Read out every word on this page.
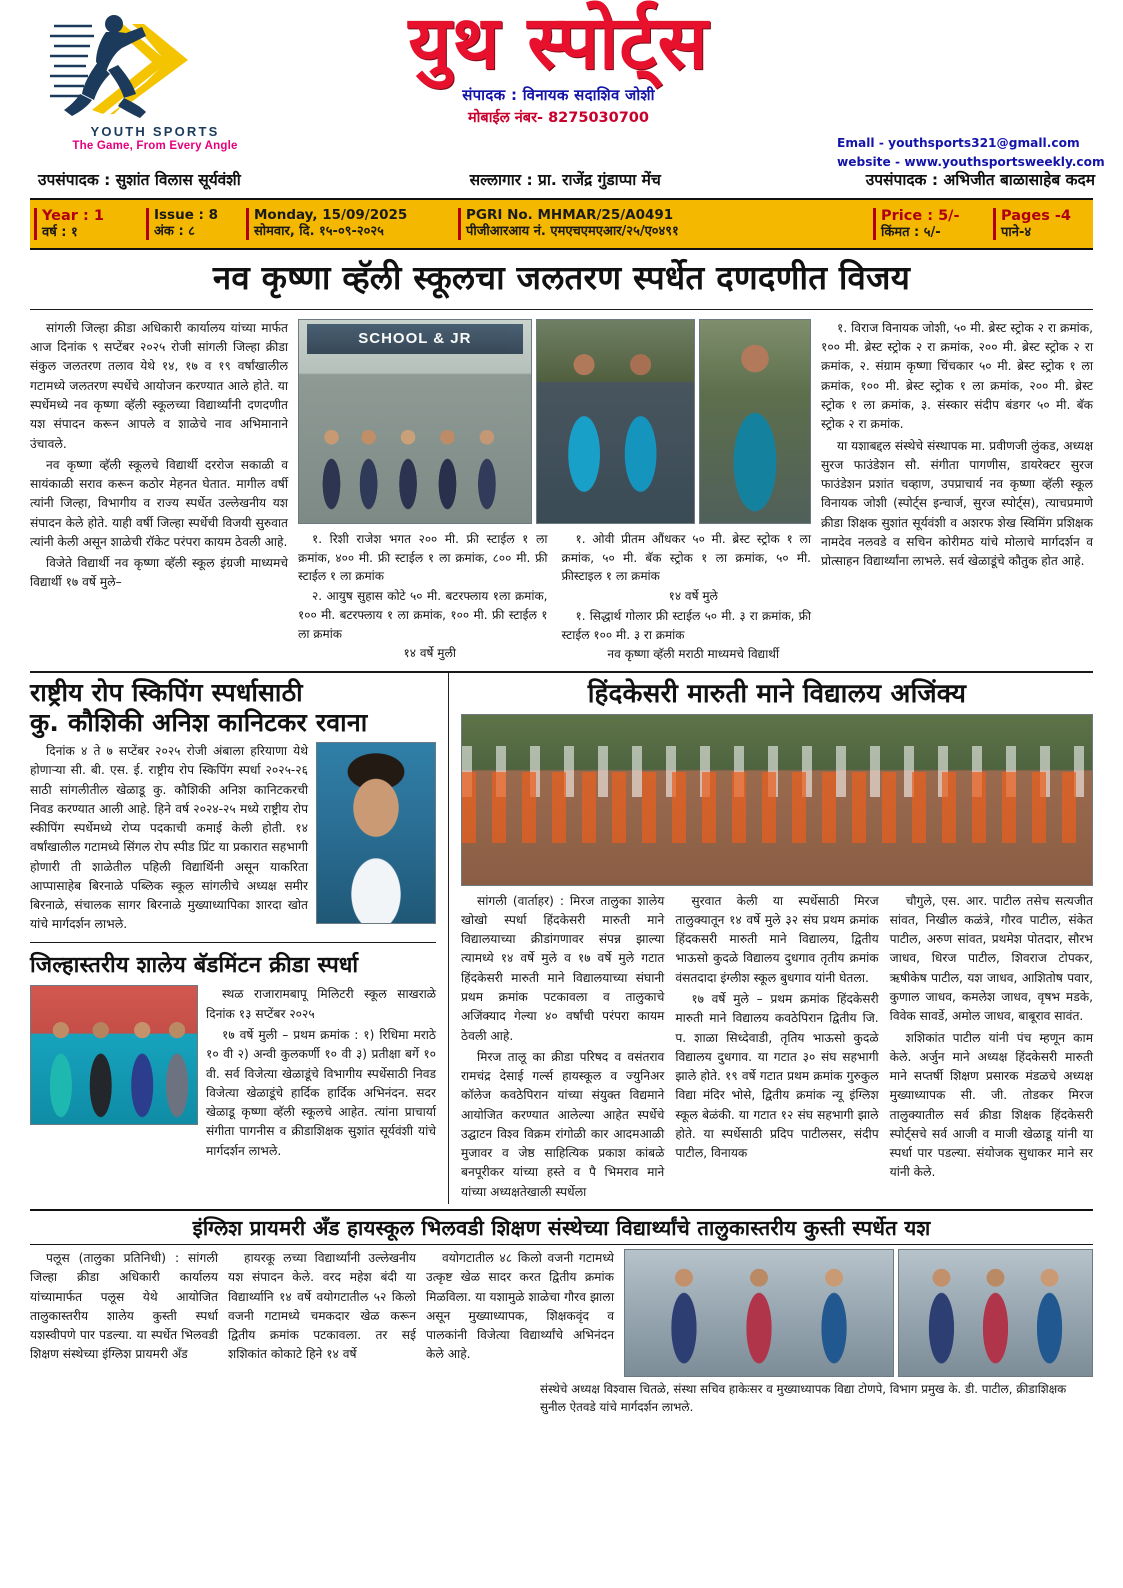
YOUTH SPORTS
The Game, From Every Angle
युथ स्पोर्ट्स
संपादक : विनायक सदाशिव जोशी
मोबाईल नंबर- 8275030700
Emall - youthsports321@gmall.com
website - www.youthsportsweekly.com
उपसंपादक : सुशांत विलास सूर्यवंशी	सल्लागार : प्रा. राजेंद्र गुंडाप्पा मेंच	उपसंपादक : अभिजीत बाळासाहेब कदम
Year : 1
वर्ष : १
Issue : 8
अंक : ८
Monday, 15/09/2025
सोमवार, दि. १५-०९-२०२५
PGRI No. MHMAR/25/A0491
पीजीआरआय नं. एमएचएमएआर/२५/ए०४९१
Price : 5/-
किंमत : ५/-
Pages -4
पाने-४
नव कृष्णा व्हॅली स्कूलचा जलतरण स्पर्धेत दणदणीत विजय

सांगली जिल्हा क्रीडा अधिकारी कार्यालय यांच्या मार्फत आज दिनांक ९ सप्टेंबर २०२५ रोजी सांगली जिल्हा क्रीडा संकुल जलतरण तलाव येथे १४, १७ व १९ वर्षांखालील गटामध्ये जलतरण स्पर्धेचे आयोजन करण्यात आले होते. या स्पर्धेमध्ये नव कृष्णा व्हॅली स्कूलच्या विद्यार्थ्यांनी दणदणीत यश संपादन करून आपले व शाळेचे नाव अभिमानाने उंचावले.

नव कृष्णा व्हॅली स्कूलचे विद्यार्थी दररोज सकाळी व सायंकाळी सराव करून कठोर मेहनत घेतात. मागील वर्षी त्यांनी जिल्हा, विभागीय व राज्य स्पर्धेत उल्लेखनीय यश संपादन केले होते. याही वर्षी जिल्हा स्पर्धेची विजयी सुरुवात त्यांनी केली असून शाळेची रॉकेट परंपरा कायम ठेवली आहे.

विजेते विद्यार्थी नव कृष्णा व्हॅली स्कूल इंग्रजी माध्यमचे विद्यार्थी १७ वर्षे मुले–

SCHOOL & JR

१. रिशी राजेश भगत २०० मी. फ्री स्टाईल १ ला क्रमांक, ४०० मी. फ्री स्टाईल १ ला क्रमांक, ८०० मी. फ्री स्टाईल १ ला क्रमांक

२. आयुष सुहास कोटे ५० मी. बटरफ्लाय १ला क्रमांक, १०० मी. बटरफ्लाय १ ला क्रमांक, १०० मी. फ्री स्टाईल १ ला क्रमांक

१४ वर्षे मुली

१. ओवी प्रीतम औंधकर ५० मी. ब्रेस्ट स्ट्रोक १ ला क्रमांक, ५० मी. बॅक स्ट्रोक १ ला क्रमांक, ५० मी. फ्रीस्टाइल १ ला क्रमांक

१४ वर्षे मुले

१. सिद्धार्थ गोलार फ्री स्टाईल ५० मी. ३ रा क्रमांक, फ्री स्टाईल १०० मी. ३ रा क्रमांक

नव कृष्णा व्हॅली मराठी माध्यमचे विद्यार्थी

१. विराज विनायक जोशी, ५० मी. ब्रेस्ट स्ट्रोक २ रा क्रमांक, १०० मी. ब्रेस्ट स्ट्रोक २ रा क्रमांक, २०० मी. ब्रेस्ट स्ट्रोक २ रा क्रमांक, २. संग्राम कृष्णा चिंचकार ५० मी. ब्रेस्ट स्ट्रोक १ ला क्रमांक, १०० मी. ब्रेस्ट स्ट्रोक १ ला क्रमांक, २०० मी. ब्रेस्ट स्ट्रोक १ ला क्रमांक, ३. संस्कार संदीप बंडगर ५० मी. बॅक स्ट्रोक २ रा क्रमांक.

या यशाबद्दल संस्थेचे संस्थापक मा. प्रवीणजी लुंकड, अध्यक्ष सुरज फाउंडेशन सौ. संगीता पागणीस, डायरेक्टर सुरज फाउंडेशन प्रशांत चव्हाण, उपप्राचार्य नव कृष्णा व्हॅली स्कूल विनायक जोशी (स्पोर्ट्स इन्चार्ज, सुरज स्पोर्ट्स), त्याचप्रमाणे क्रीडा शिक्षक सुशांत सूर्यवंशी व अशरफ शेख स्विमिंग प्रशिक्षक नामदेव नलवडे व सचिन कोरीमठ यांचे मोलाचे मार्गदर्शन व प्रोत्साहन विद्यार्थ्यांना लाभले. सर्व खेळाडूंचे कौतुक होत आहे.

राष्ट्रीय रोप स्किपिंग स्पर्धासाठी
कु. कौशिकी अनिश कानिटकर रवाना

दिनांक ४ ते ७ सप्टेंबर २०२५ रोजी अंबाला हरियाणा येथे होणाऱ्या सी. बी. एस. ई. राष्ट्रीय रोप स्किपिंग स्पर्धा २०२५-२६ साठी सांगलीतील खेळाडू कु. कौशिकी अनिश कानिटकरची निवड करण्यात आली आहे. हिने वर्ष २०२४-२५ मध्ये राष्ट्रीय रोप स्कीपिंग स्पर्धेमध्ये रोप्य पदकाची कमाई केली होती. १४ वर्षांखालील गटामध्ये सिंगल रोप स्पीड प्रिंट या प्रकारात सहभागी होणारी ती शाळेतील पहिली विद्यार्थिनी असून याकरिता आप्पासाहेब बिरनाळे पब्लिक स्कूल सांगलीचे अध्यक्ष समीर बिरनाळे, संचालक सागर बिरनाळे मुख्याध्यापिका शारदा खोत यांचे मार्गदर्शन लाभले.

जिल्हास्तरीय शालेय बॅडमिंटन क्रीडा स्पर्धा

स्थळ राजारामबापू मिलिटरी स्कूल साखराळे दिनांक १३ सप्टेंबर २०२५

१७ वर्षे मुली – प्रथम क्रमांक : १) रिधिमा मराठे १० वी २) अन्वी कुलकर्णी १० वी ३) प्रतीक्षा बर्गे १० वी. सर्व विजेत्या खेळाडूंचे विभागीय स्पर्धेसाठी निवड विजेत्या खेळाडूंचे हार्दिक हार्दिक अभिनंदन. सदर खेळाडू कृष्णा व्हॅली स्कूलचे आहेत. त्यांना प्राचार्या संगीता पागनीस व क्रीडाशिक्षक सुशांत सूर्यवंशी यांचे मार्गदर्शन लाभले.

हिंदकेसरी मारुती माने विद्यालय अजिंक्य

सांगली (वार्ताहर) : मिरज तालुका शालेय खोखो स्पर्धा हिंदकेसरी मारुती माने विद्यालयाच्या क्रीडांगणावर संपन्न झाल्या त्यामध्ये १४ वर्षे मुले व १७ वर्षे मुले गटात हिंदकेसरी मारुती माने विद्यालयाच्या संघानी प्रथम क्रमांक पटकावला व तालुकाचे अजिंक्याद गेल्या ४० वर्षांची परंपरा कायम ठेवली आहे.

मिरज तालू का क्रीडा परिषद व वसंतराव रामचंद्र देसाई गर्ल्स हायस्कूल व ज्युनिअर कॉलेज कवठेपिरान यांच्या संयुक्त विद्यमाने आयोजित करण्यात आलेल्या आहेत स्पर्धेचे उद्घाटन विश्व विक्रम रांगोळी कार आदमआळी मुजावर व जेष्ठ साहित्यिक प्रकाश कांबळे बनपूरीकर यांच्या हस्ते व पै भिमराव माने यांच्या अध्यक्षतेखाली स्पर्धेला

सुरवात केली या स्पर्धेसाठी मिरज तालुक्यातून १४ वर्षे मुले ३२ संघ प्रथम क्रमांक हिंदकसरी मारुती माने विद्यालय, द्वितीय भाऊसो कुदळे विद्यालय दुधगाव तृतीय क्रमांक वंसतदादा इंग्लीश स्कूल बुधगाव यांनी घेतला.

१७ वर्षे मुले – प्रथम क्रमांक हिंदकेसरी मारुती माने विद्यालय कवठेपिरान द्वितीय जि. प. शाळा सिध्देवाडी, तृतिय भाऊसो कुदळे विद्यालय दुधगाव. या गटात ३० संघ सहभागी झाले होते. १९ वर्षे गटात प्रथम क्रमांक गुरुकुल विद्या मंदिर भोसे, द्वितीय क्रमांक न्यू इंग्लिश स्कूल बेळंकी. या गटात १२ संघ सहभागी झाले होते. या स्पर्धेसाठी प्रदिप पाटीलसर, संदीप पाटील, विनायक

चौगुले, एस. आर. पाटील तसेच सत्यजीत सांवत, निखील कळंत्रे, गौरव पाटील, संकेत पाटील, अरुण सांवत, प्रथमेश पोतदार, सौरभ जाधव, धिरज पाटील, शिवराज टोपकर, ऋषीकेष पाटील, यश जाधव, आशितोष पवार, कुणाल जाधव, कमलेश जाधव, वृषभ मडके, विवेक सावर्डे, अमोल जाधव, बाबूराव सावंत.

शशिकांत पाटील यांनी पंच म्हणून काम केले. अर्जुन माने अध्यक्ष हिंदकेसरी मारुती माने सप्तर्षी शिक्षण प्रसारक मंडळचे अध्यक्ष मुख्याध्यापक सी. जी. तोडकर मिरज तालुक्यातील सर्व क्रीडा शिक्षक हिंदकेसरी स्पोर्ट्सचे सर्व आजी व माजी खेळाडू यांनी या स्पर्धा पार पडल्या. संयोजक सुधाकर माने सर यांनी केले.

इंग्लिश प्रायमरी अँड हायस्कूल भिलवडी शिक्षण संस्थेच्या विद्यार्थ्यांचे तालुकास्तरीय कुस्ती स्पर्धेत यश

पलूस (तालुका प्रतिनिधी) : सांगली जिल्हा क्रीडा अधिकारी कार्यालय यांच्यामार्फत पलूस येथे आयोजित तालुकास्तरीय शालेय कुस्ती स्पर्धा यशस्वीपणे पार पडल्या. या स्पर्धेत भिलवडी शिक्षण संस्थेच्या इंग्लिश प्रायमरी अँड

हायरकू लच्या विद्यार्थ्यांनी उल्लेखनीय यश संपादन केले. वरद महेश बंदी या विद्यार्थ्यानि १४ वर्षे वयोगटातील ५२ किलो वजनी गटामध्ये चमकदार खेळ करून द्वितीय क्रमांक पटकावला. तर सई शशिकांत कोकाटे हिने १४ वर्षे

वयोगटातील ४८ किलो वजनी गटामध्ये उत्कृष्ट खेळ सादर करत द्वितीय क्रमांक मिळविला. या यशामुळे शाळेचा गौरव झाला असून मुख्याध्यापक, शिक्षकवृंद व पालकांनी विजेत्या विद्यार्थ्यांचे अभिनंदन केले आहे.

संस्थेचे अध्यक्ष विश्वास चितळे, संस्था सचिव हाकेःसर व मुख्याध्यापक विद्या टोणपे, विभाग प्रमुख के. डी. पाटील, क्रीडाशिक्षक सुनील ऐतवडे यांचे मार्गदर्शन लाभले.
